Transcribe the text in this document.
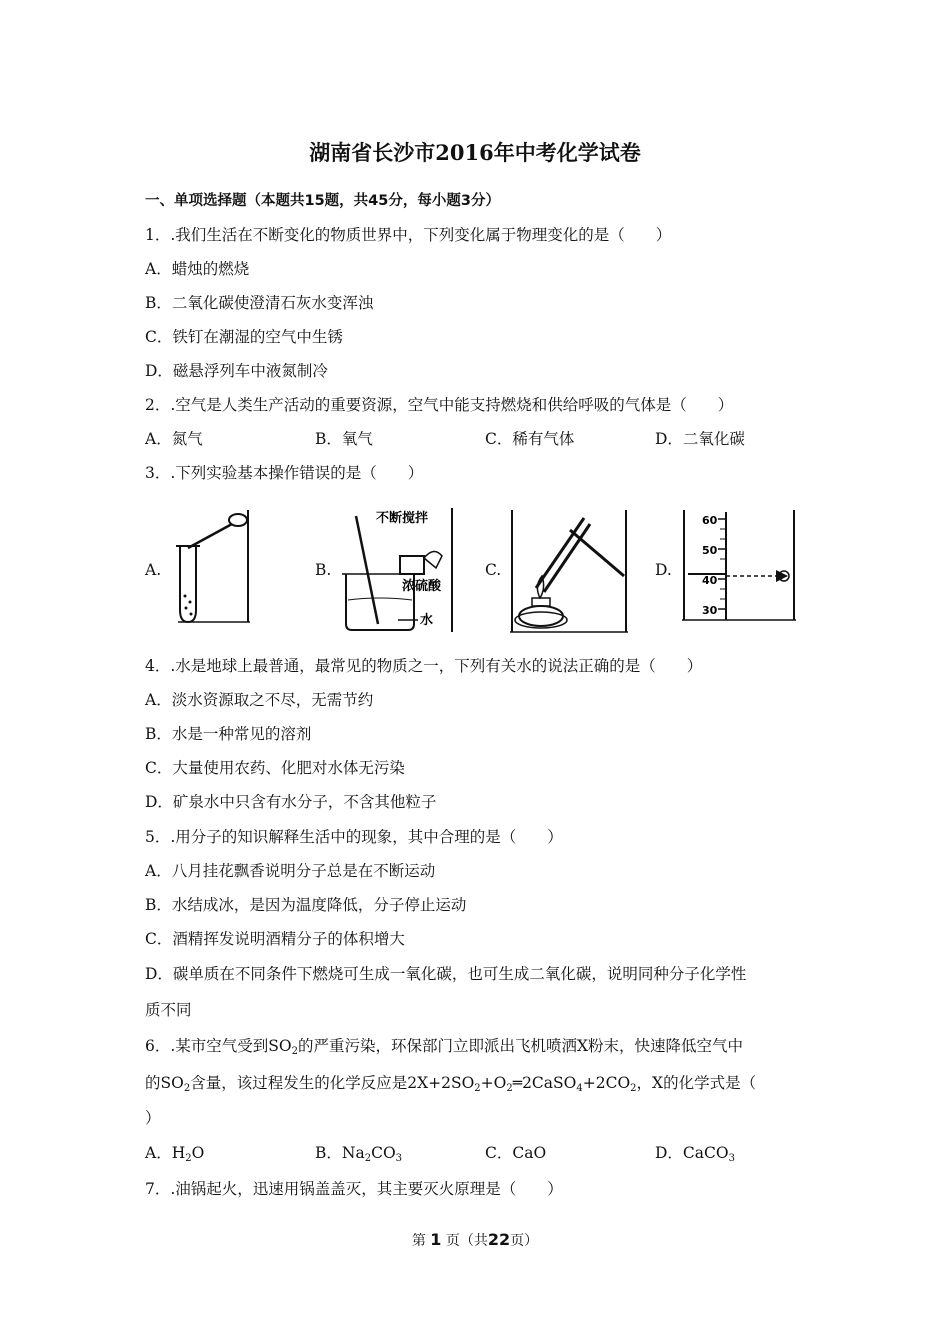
湖南省长沙市2016年中考化学试卷
一、单项选择题（本题共15题，共45分，每小题3分）
1．.我们生活在不断变化的物质世界中，下列变化属于物理变化的是（　　）
A．蜡烛的燃烧
B．二氧化碳使澄清石灰水变浑浊
C．铁钉在潮湿的空气中生锈
D．磁悬浮列车中液氮制冷
2．.空气是人类生产活动的重要资源，空气中能支持燃烧和供给呼吸的气体是（　　）
A．氮气	B．氧气	C．稀有气体	D．二氧化碳
3．.下列实验基本操作错误的是（　　）
A.	B.	C.	D.
不断搅拌
浓硫酸
水
60
50
40
30
4．.水是地球上最普通，最常见的物质之一，下列有关水的说法正确的是（　　）
A．淡水资源取之不尽，无需节约
B．水是一种常见的溶剂
C．大量使用农药、化肥对水体无污染
D．矿泉水中只含有水分子，不含其他粒子
5．.用分子的知识解释生活中的现象，其中合理的是（　　）
A．八月挂花飘香说明分子总是在不断运动
B．水结成冰，是因为温度降低，分子停止运动
C．酒精挥发说明酒精分子的体积增大
D．碳单质在不同条件下燃烧可生成一氧化碳，也可生成二氧化碳，说明同种分子化学性
质不同
6．.某市空气受到$SO_2$的严重污染，环保部门立即派出飞机喷洒X粉末，快速降低空气中
的$SO_2$含量，该过程发生的化学反应是$2X+2SO_2+O_2═2CaSO_4+2CO_2$，X的化学式是（
）
A．$H_2O$	B．$Na_2CO_3$	C．CaO	D．CaCO$_3$
7．.油锅起火，迅速用锅盖盖灭，其主要灭火原理是（　　）
第 1 页（共22页）
